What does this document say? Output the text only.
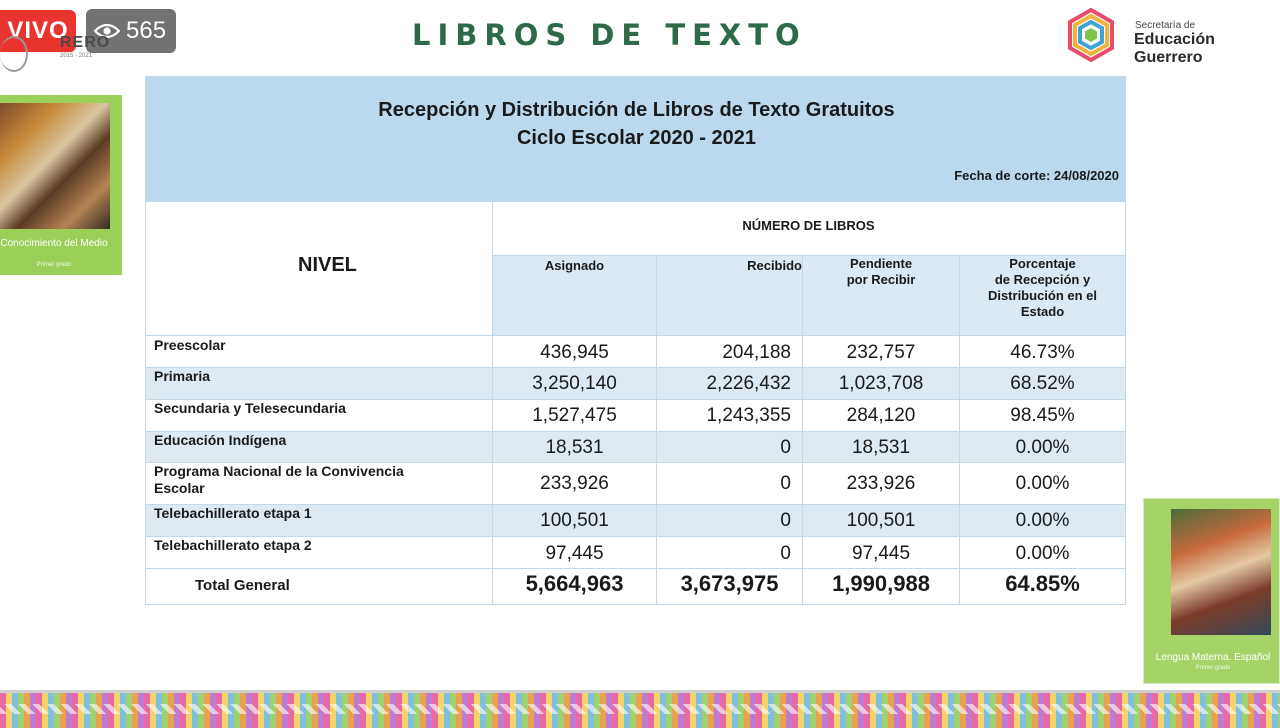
VIVO	565
RERO
2015 - 2021
LIBROS DE TEXTO	Secretaría de
Educación Guerrero
Conocimiento del Medio
Primer grado
Lengua Materna. Español
Primer grado
Recepción y Distribución de Libros de Texto Gratuitos
Ciclo Escolar 2020 - 2021
Fecha de corte: 24/08/2020
NIVEL
NÚMERO DE LIBROS
Asignado	Recibido	Pendiente
por Recibir
Porcentaje
de Recepción y
Distribución en el
Estado
Preescolar	436,945	204,188	232,757	46.73%
Primaria	3,250,140	2,226,432	1,023,708	68.52%
Secundaria y Telesecundaria	1,527,475	1,243,355	284,120	98.45%
Educación Indígena	18,531	0	18,531	0.00%
Programa Nacional de la Convivencia
Escolar	233,926	0	233,926	0.00%
Telebachillerato etapa 1	100,501	0	100,501	0.00%
Telebachillerato etapa 2	97,445	0	97,445	0.00%
Total General	5,664,963	3,673,975	1,990,988	64.85%
